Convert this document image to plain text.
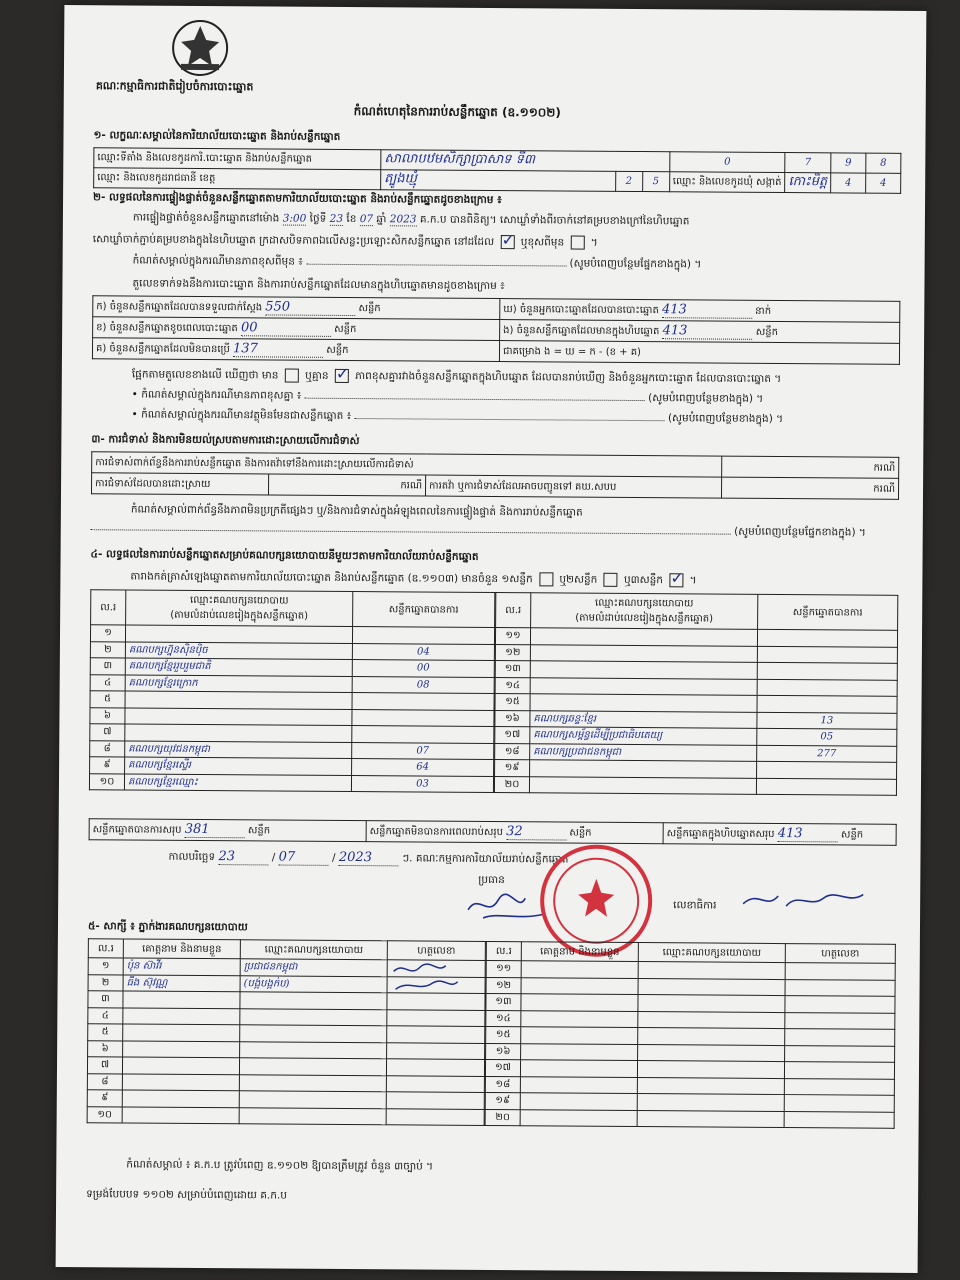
គណៈកម្មាធិការជាតិរៀបចំការបោះឆ្នោត
កំណត់ហេតុនៃការរាប់សន្លឹកឆ្នោត (ឧ.១១០២)
១- លក្ខណៈសម្គាល់នៃការិយាល័យបោះឆ្នោត និងរាប់សន្លឹកឆ្នោត
ឈ្មោះទីតាំង និងលេខកូដការិ.បោះឆ្នោត និងរាប់សន្លឹកឆ្នោត	សាលាបឋមសិក្សាប្រាសាទ ទី៣			0	7	9	8
ឈ្មោះ និងលេខកូដរាជធានី ខេត្ត	ត្បូងឃ្មុំ	2	5	ឈ្មោះ និងលេខកូដឃុំ សង្កាត់	កោះមិត្ត	4	4
២- លទ្ធផលនៃការផ្ទៀងផ្ទាត់ចំនួនសន្លឹកឆ្នោតតាមការិយាល័យបោះឆ្នោត និងរាប់សន្លឹកឆ្នោតដូចខាងក្រោម ៖
ការផ្ទៀងផ្ទាត់ចំនួនសន្លឹកឆ្នោតនៅម៉ោង 3:00 ថ្ងៃទី 23 ខែ 07 ឆ្នាំ 2023 គ.ក.ប បានពិនិត្យ។ សោឃ្លាំទាំងពីរចាក់នៅគម្របខាងក្រៅនៃហិបឆ្នោត
សោឃ្លាំចាក់ភ្ជាប់គម្របខាងក្នុងនៃហិបឆ្នោត ក្រដាសបិទភាពឯលើសន្លះប្រឡោះសិកសន្លឹកឆ្នោត នៅដដែល ✓	ឬខុសពីមុន  ។
កំណត់សម្គាល់ក្នុងករណីមានភាពខុសពីមុន ៖	(សូមបំពេញបន្ថែមផ្នែកខាងក្នុង) ។
តួលេខទាក់ទងនឹងការបោះឆ្នោត និងការរាប់សន្លឹកឆ្នោតដែលមានក្នុងហិបឆ្នោតមានដូចខាងក្រោម ៖
ក) ចំនួនសន្លឹកឆ្នោតដែលបានទទួលជាក់ស្តែង 550 សន្លឹក	ឃ) ចំនួនអ្នកបោះឆ្នោតដែលបានបោះឆ្នោត 413 នាក់
ខ) ចំនួនសន្លឹកឆ្នោតខូចពេលបោះឆ្នោត 00 សន្លឹក	ង) ចំនួនសន្លឹកឆ្នោតដែលមានក្នុងហិបឆ្នោត 413 សន្លឹក
គ) ចំនួនសន្លឹកឆ្នោតដែលមិនបានប្រើ 137 សន្លឹក	ជាគម្រោង ង = ឃ = ក - (ខ + គ)
ផ្អែកតាមតួលេខខាងលើ ឃើញថា មាន	ឬគ្មាន ✓	ភាពខុសគ្នារវាងចំនួនសន្លឹកឆ្នោតក្នុងហិបឆ្នោត ដែលបានរាប់ឃើញ និងចំនួនអ្នកបោះឆ្នោត ដែលបានបោះឆ្នោត ។
• កំណត់សម្គាល់ក្នុងករណីមានភាពខុសគ្នា ៖	(សូមបំពេញបន្ថែមខាងក្នុង) ។
• កំណត់សម្គាល់ក្នុងករណីមានវត្ថុមិនមែនជាសន្លឹកឆ្នោត ៖	(សូមបំពេញបន្ថែមខាងក្នុង) ។
៣- ការជំទាស់ និងការមិនយល់ស្របតាមការដោះស្រាយលើការជំទាស់
ការជំទាស់ពាក់ព័ន្ធនឹងការរាប់សន្លឹកឆ្នោត និងការតវ៉ាទៅនឹងការដោះស្រាយលើការជំទាស់			ករណី
ការជំទាស់ដែលបានដោះស្រាយ	ករណី	ការតវ៉ា ឬការជំទាស់ដែលអាចបញ្ជូនទៅ គឃ.សបប	ករណី
កំណត់សម្គាល់ពាក់ព័ន្ធនឹងភាពមិនប្រក្រតីផ្សេងៗ ឬ/និងការជំទាស់ក្នុងអំឡុងពេលនៃការផ្ទៀងផ្ទាត់ និងការរាប់សន្លឹកឆ្នោត
(សូមបំពេញបន្ថែមផ្នែកខាងក្នុង) ។
៤- លទ្ធផលនៃការរាប់សន្លឹកឆ្នោតសម្រាប់គណបក្សនយោបាយនីមួយៗតាមការិយាល័យរាប់សន្លឹកឆ្នោត
តារាងកត់ត្រាសំឡេងឆ្នោតតាមការិយាល័យបោះឆ្នោត និងរាប់សន្លឹកឆ្នោត (ឧ.១១០៣) មានចំនួន ១សន្លឹក	ឬ២សន្លឹក	ឬ៣សន្លឹក ✓	។
ល.រ	ឈ្មោះគណបក្សនយោបាយ
(តាមលំដាប់លេខរៀងក្នុងសន្លឹកឆ្នោត)	សន្លឹកឆ្នោតបានការ
១		
២	គណបក្សហ្វ៊ុនស៊ិនប៉ិច	04
៣	គណបក្សខ្មែររួបរួមជាតិ	00
៤	គណបក្សខ្មែរក្រោក	08
៥		
៦		
៧		
៨	គណបក្សយុវជនកម្ពុជា	07
៩	គណបក្សខ្មែរស្ទើរ	64
១០	គណបក្សខ្មែរឈ្មោះ	03
ល.រ	ឈ្មោះគណបក្សនយោបាយ
(តាមលំដាប់លេខរៀងក្នុងសន្លឹកឆ្នោត)	សន្លឹកឆ្នោតបានការ
១១		
១២		
១៣		
១៤		
១៥		
១៦	គណបក្សឆន្ទៈខ្មែរ	13
១៧	គណបក្សសម្ព័ន្ធដើម្បីប្រជាធិបតេយ្យ	05
១៨	គណបក្សប្រជាជនកម្ពុជា	277
១៩		
២០		
សន្លឹកឆ្នោតបានការសរុប 381	សន្លឹក	សន្លឹកឆ្នោតមិនបានការពេលរាប់សរុប 32	សន្លឹក	សន្លឹកឆ្នោតក្នុងហិបឆ្នោតសរុប 413	សន្លឹក
កាលបរិច្ឆេទ 23	/ 07	/ 2023	ៗ. គណៈកម្មការការិយាល័យរាប់សន្លឹកឆ្នោត
ប្រធាន
លេខាធិការ
៥- សាក្សី ៖ ភ្នាក់ងារគណបក្សនយោបាយ
ល.រ	គោត្តនាម និងនាមខ្លួន	ឈ្មោះគណបក្សនយោបាយ	ហត្ថលេខា
១	ប៉ុន ស៊ាវីរ	ប្រជាជនកម្ពុជា	
២	ធីង ស៊ុវណ្ណ	(បង្ក់បង្កក់ប)	
៣			
៤			
៥			
៦			
៧			
៨			
៩			
១០			
ល.រ	គោត្តនាម និងនាមខ្លួន	ឈ្មោះគណបក្សនយោបាយ	ហត្ថលេខា
១១			
១២			
១៣			
១៤			
១៥			
១៦			
១៧			
១៨			
១៩			
២០			
កំណត់សម្គាល់ ៖ គ.ក.ប ត្រូវបំពេញ ឧ.១១០២ ឱ្យបានត្រឹមត្រូវ ចំនួន ៣ច្បាប់ ។
ទម្រង់បែបបទ ១១០២ សម្រាប់បំពេញដោយ គ.ក.ប
